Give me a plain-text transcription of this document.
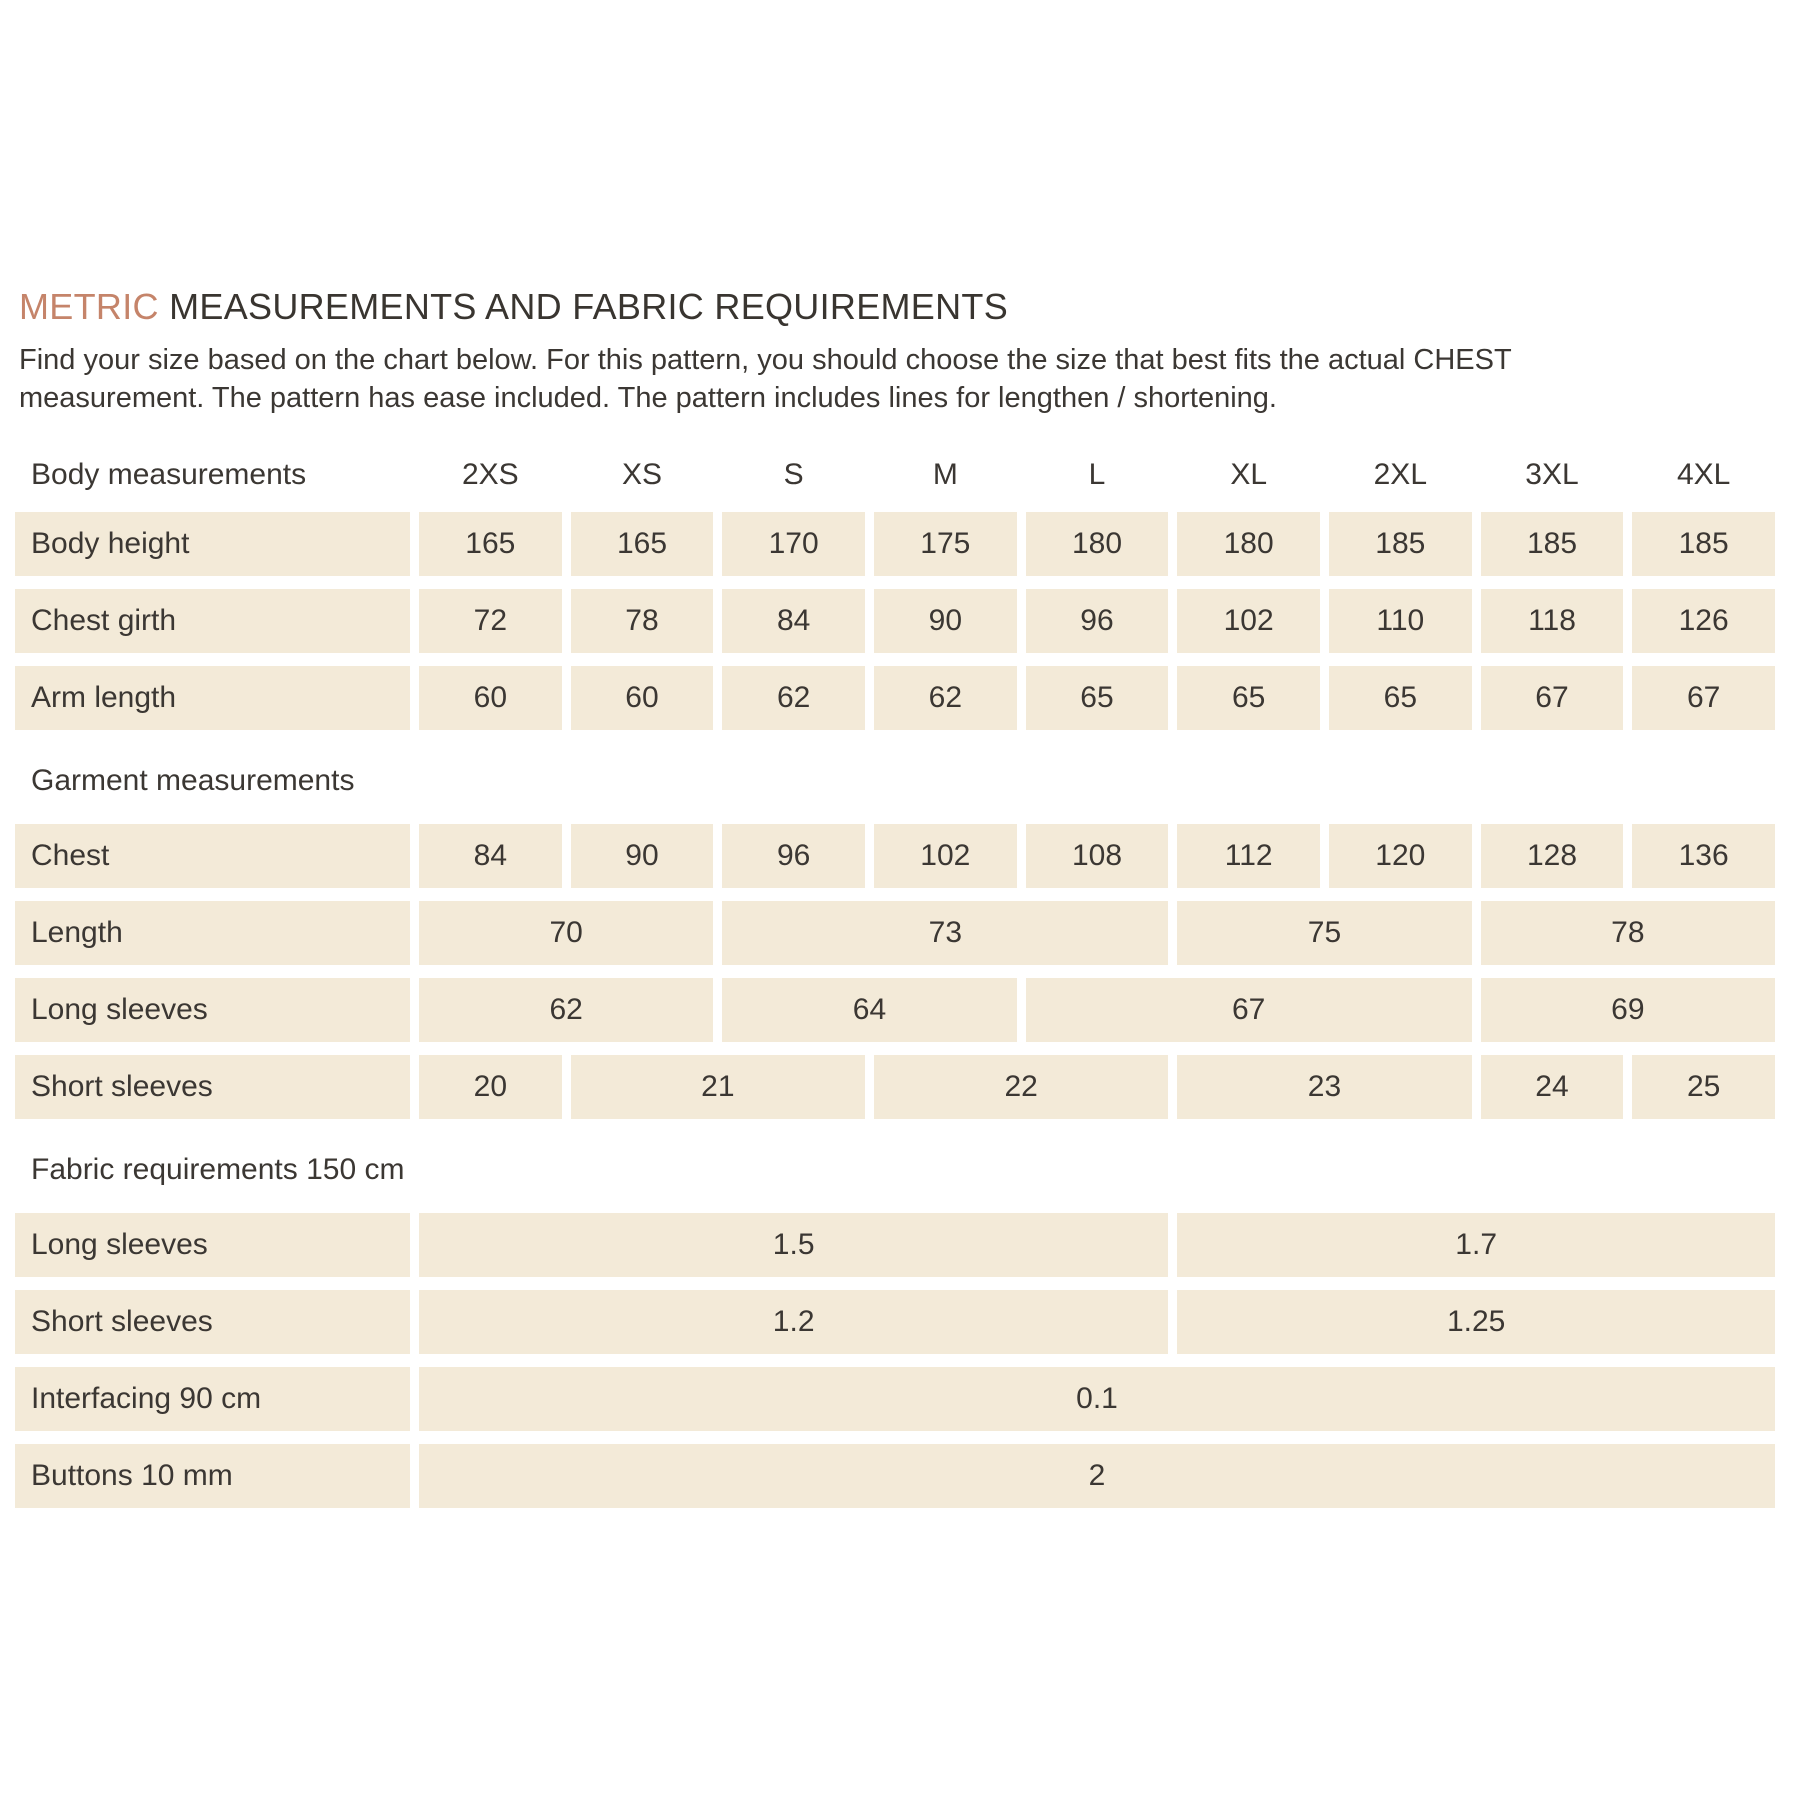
METRIC MEASUREMENTS AND FABRIC REQUIREMENTS
Find your size based on the chart below. For this pattern, you should choose the size that best fits the actual CHEST
measurement. The pattern has ease included. The pattern includes lines for lengthen / shortening.
Body measurements	2XS	XS	S	M	L	XL	2XL	3XL	4XL
Body height	165	165	170	175	180	180	185	185	185
Chest girth	72	78	84	90	96	102	110	118	126
Arm length	60	60	62	62	65	65	65	67	67
Garment measurements
Chest	84	90	96	102	108	112	120	128	136
Length	70	73	75	78
Long sleeves	62	64	67	69
Short sleeves	20	21	22	23	24	25
Fabric requirements 150 cm
Long sleeves	1.5	1.7
Short sleeves	1.2	1.25
Interfacing 90 cm	0.1
Buttons 10 mm	2
